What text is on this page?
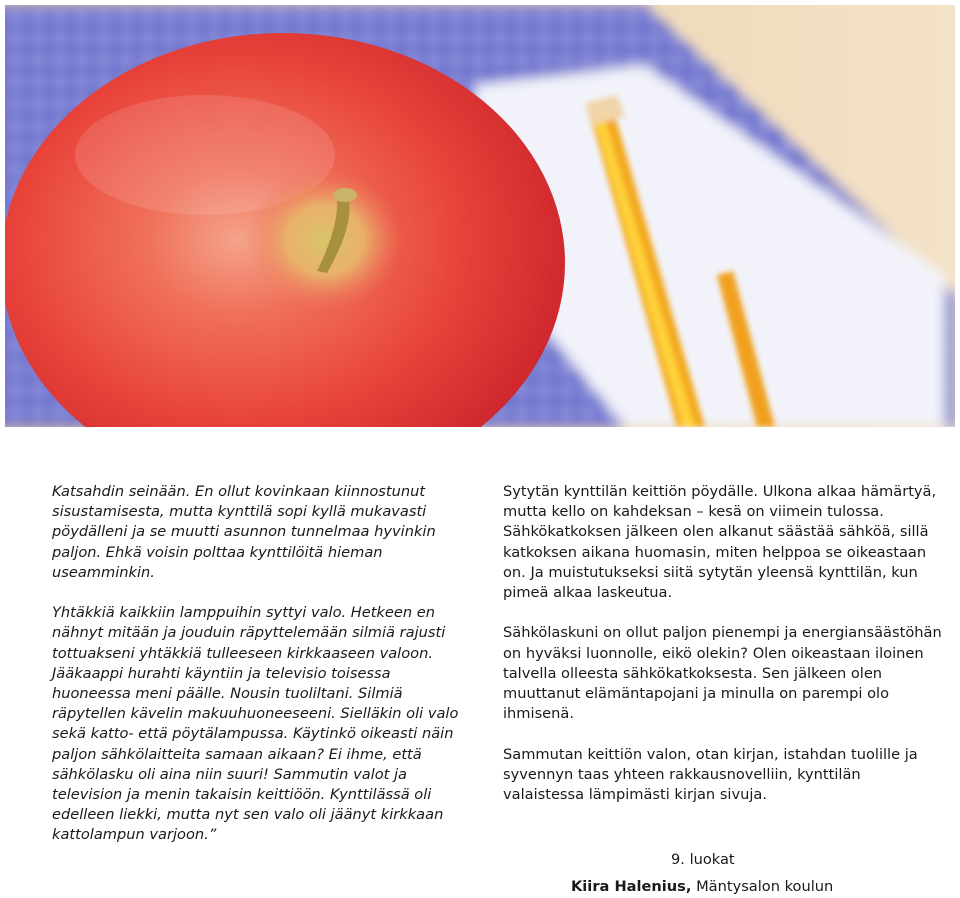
Katsahdin seinään. En ollut kovinkaan kiinnostunut sisustamisesta, mutta kynttilä sopi kyllä mukavasti pöydälleni ja se muutti asunnon tunnelmaa hyvinkin paljon. Ehkä voisin polttaa kynttilöitä hieman useamminkin.

Yhtäkkiä kaikkiin lamppuihin syttyi valo. Hetkeen en nähnyt mitään ja jouduin räpyttelemään silmiä rajusti tottuakseni yhtäkkiä tulleeseen kirkkaaseen valoon. Jääkaappi hurahti käyntiin ja televisio toisessa huoneessa meni päälle. Nousin tuoliltani. Silmiä räpytellen kävelin makuuhuoneeseeni. Sielläkin oli valo sekä katto- että pöytälampussa. Käytinkö oikeasti näin paljon sähkölaitteita samaan aikaan? Ei ihme, että sähkölasku oli aina niin suuri! Sammutin valot ja television ja menin takaisin keittiöön. Kynttilässä oli edelleen liekki, mutta nyt sen valo oli jäänyt kirkkaan kattolampun varjoon.”

Sytytän kynttilän keittiön pöydälle. Ulkona alkaa hämärtyä, mutta kello on kahdeksan – kesä on viimein tulossa. Sähkökatkoksen jälkeen olen alkanut säästää sähköä, sillä katkoksen aikana huomasin, miten helppoa se oikeastaan on. Ja muistutukseksi siitä sytytän yleensä kynttilän, kun pimeä alkaa laskeutua.

Sähkölaskuni on ollut paljon pienempi ja energiansäästöhän on hyväksi luonnolle, eikö olekin? Olen oikeastaan iloinen talvella olleesta sähkökatkoksesta. Sen jälkeen olen muuttanut elämäntapojani ja minulla on parempi olo ihmisenä.

Sammutan keittiön valon, otan kirjan, istahdan tuolille ja syvennyn taas yhteen rakkausnovelliin, kynttilän valaistessa lämpimästi kirjan sivuja.

9. luokat
Kiira Halenius, Mäntysalon koulun
